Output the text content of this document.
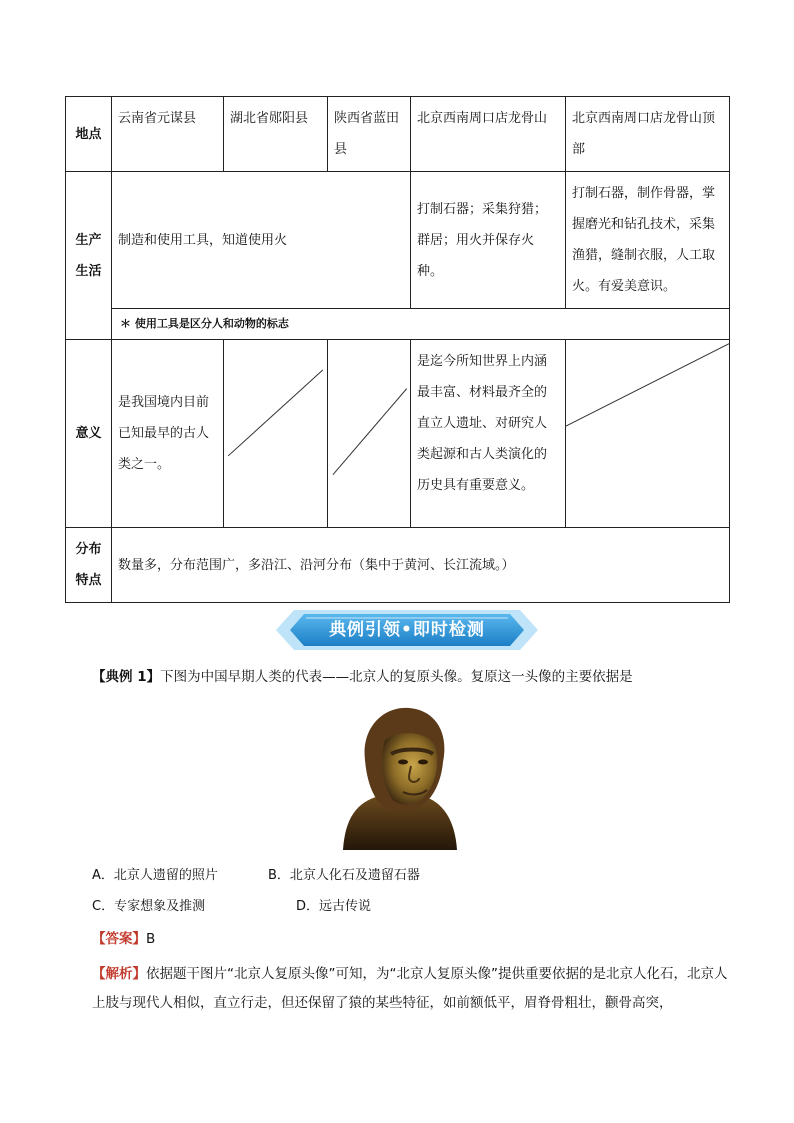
地点	云南省元谋县	湖北省郧阳县	陕西省蓝田县	北京西南周口店龙骨山	北京西南周口店龙骨山顶部
生产生活	制造和使用工具，知道使用火			打制石器；采集狩猎；群居；用火并保存火种。	打制石器，制作骨器，掌握磨光和钻孔技术，采集渔猎，缝制衣服，人工取火。有爱美意识。
	＊ 使用工具是区分人和动物的标志				
意义	是我国境内目前已知最早的古人类之一。			是迄今所知世界上内涵最丰富、材料最齐全的直立人遗址、对研究人类起源和古人类演化的历史具有重要意义。	

分布特点	数量多，分布范围广，多沿江、沿河分布（集中于黄河、长江流域。）				
典例引领•即时检测
【典例 1】下图为中国早期人类的代表——北京人的复原头像。复原这一头像的主要依据是
A．北京人遗留的照片	B．北京人化石及遗留石器
C．专家想象及推测	D．远古传说
【答案】B
【解析】依据题干图片“北京人复原头像”可知，为“北京人复原头像”提供重要依据的是北京人化石，北京人上肢与现代人相似，直立行走，但还保留了猿的某些特征，如前额低平，眉脊骨粗壮，颧骨高突，
